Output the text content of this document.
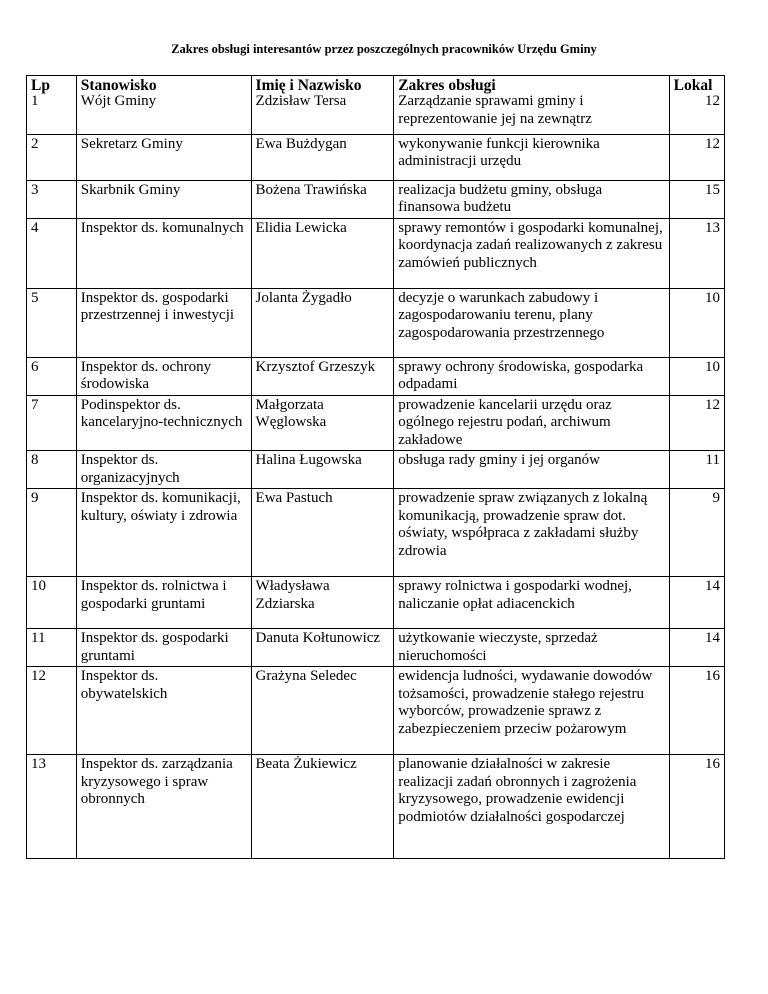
Zakres obsługi interesantów przez poszczególnych pracowników Urzędu Gminy
Lp	Stanowisko	Imię i Nazwisko	Zakres obsługi	Lokal
1	Wójt Gminy	Zdzisław Tersa	Zarządzanie sprawami gminy i reprezentowanie jej na zewnątrz	12
2	Sekretarz Gminy	Ewa Bużdygan	wykonywanie funkcji kierownika administracji urzędu	12
3	Skarbnik Gminy	Bożena Trawińska	realizacja budżetu gminy, obsługa finansowa budżetu	15
4	Inspektor ds. komunalnych	Elidia Lewicka	sprawy remontów i gospodarki komunalnej, koordynacja zadań realizowanych z zakresu zamówień publicznych	13
5	Inspektor ds. gospodarki przestrzennej i inwestycji	Jolanta Żygadło	decyzje o warunkach zabudowy i zagospodarowaniu terenu, plany zagospodarowania przestrzennego	10
6	Inspektor ds. ochrony środowiska	Krzysztof Grzeszyk	sprawy ochrony środowiska, gospodarka odpadami	10
7	Podinspektor ds. kancelaryjno-technicznych	Małgorzata Węglowska	prowadzenie kancelarii urzędu oraz ogólnego rejestru podań, archiwum zakładowe	12
8	Inspektor ds. organizacyjnych	Halina Ługowska	obsługa rady gminy i jej organów	11
9	Inspektor ds. komunikacji, kultury, oświaty i zdrowia	Ewa Pastuch	prowadzenie spraw związanych z lokalną komunikacją, prowadzenie spraw dot. oświaty, współpraca z zakładami służby zdrowia	9
10	Inspektor ds. rolnictwa i gospodarki gruntami	Władysława Zdziarska	sprawy rolnictwa i gospodarki wodnej, naliczanie opłat adiacenckich	14
11	Inspektor ds. gospodarki gruntami	Danuta Kołtunowicz	użytkowanie wieczyste, sprzedaż nieruchomości	14
12	Inspektor ds. obywatelskich	Grażyna Seledec	ewidencja ludności, wydawanie dowodów tożsamości, prowadzenie stałego rejestru wyborców, prowadzenie sprawz z zabezpieczeniem przeciw pożarowym	16
13	Inspektor ds. zarządzania kryzysowego i spraw obronnych	Beata Żukiewicz	planowanie działalności w zakresie realizacji zadań obronnych i zagrożenia kryzysowego, prowadzenie ewidencji podmiotów działalności gospodarczej	16
